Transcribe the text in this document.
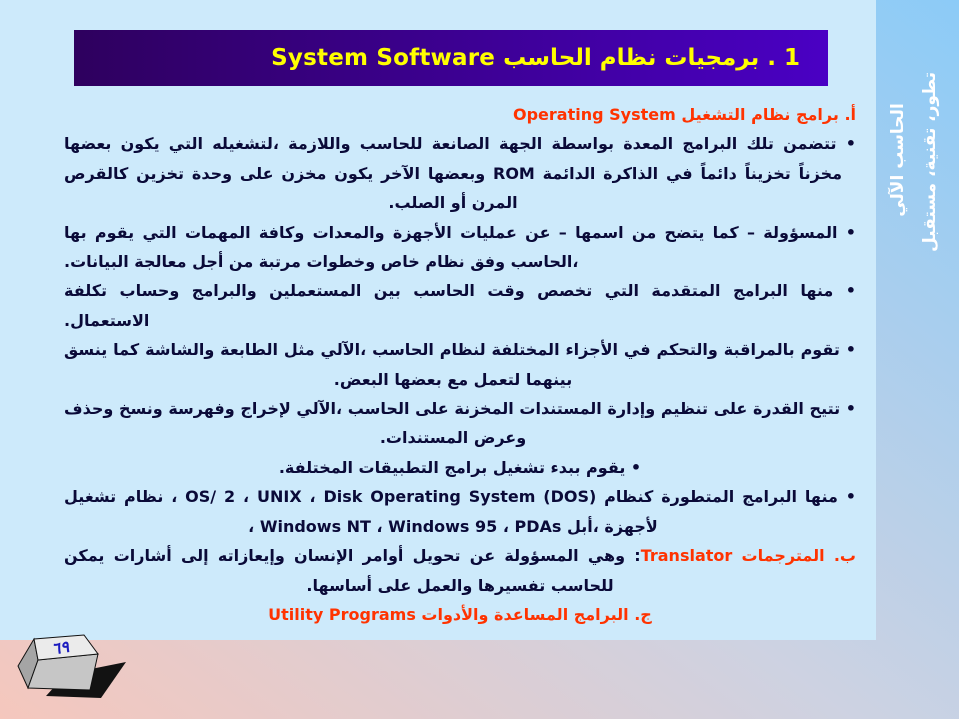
1 . برمجيات نظام الحاسب System Software
أ. برامج نظام التشغيل Operating System
• تتضمن تلك البرامج المعدة بواسطة الجهة الصانعة للحاسب واللازمة ،لتشغيله التي يكون بعضها مخزناً تخزيناً دائماً في الذاكرة الدائمة ROM وبعضها الآخر يكون مخزن على وحدة تخزين كالقرص المرن أو الصلب.
• المسؤولة – كما يتضح من اسمها – عن عمليات الأجهزة والمعدات وكافة المهمات التي يقوم بها ،الحاسب وفق نظام خاص وخطوات مرتبة من أجل معالجة البيانات.
• منها البرامج المتقدمة التي تخصص وقت الحاسب بين المستعملين والبرامج وحساب تكلفة الاستعمال.
• تقوم بالمراقبة والتحكم في الأجزاء المختلفة لنظام الحاسب ،الآلي مثل الطابعة والشاشة كما ينسق بينهما لتعمل مع بعضها البعض.
• تتيح القدرة على تنظيم وإدارة المستندات المخزنة على الحاسب ،الآلي لإخراج وفهرسة ونسخ وحذف وعرض المستندات.
• يقوم ببدء تشغيل برامج التطبيقات المختلفة.
• منها البرامج المتطورة كنظام OS/ 2 ، UNIX ، Disk Operating System (DOS) ، نظام تشغيل لأجهزة ،أبل Windows NT ، Windows 95 ، PDAs ،
ب. المترجمات Translator: وهي المسؤولة عن تحويل أوامر الإنسان وإيعازاته إلى أشارات يمكن للحاسب تفسيرها والعمل على أساسها.
ج. البرامج المساعدة والأدوات Utility Programs
الحاسب الآلي تطور، تقنية، مستقبل
٦٩
